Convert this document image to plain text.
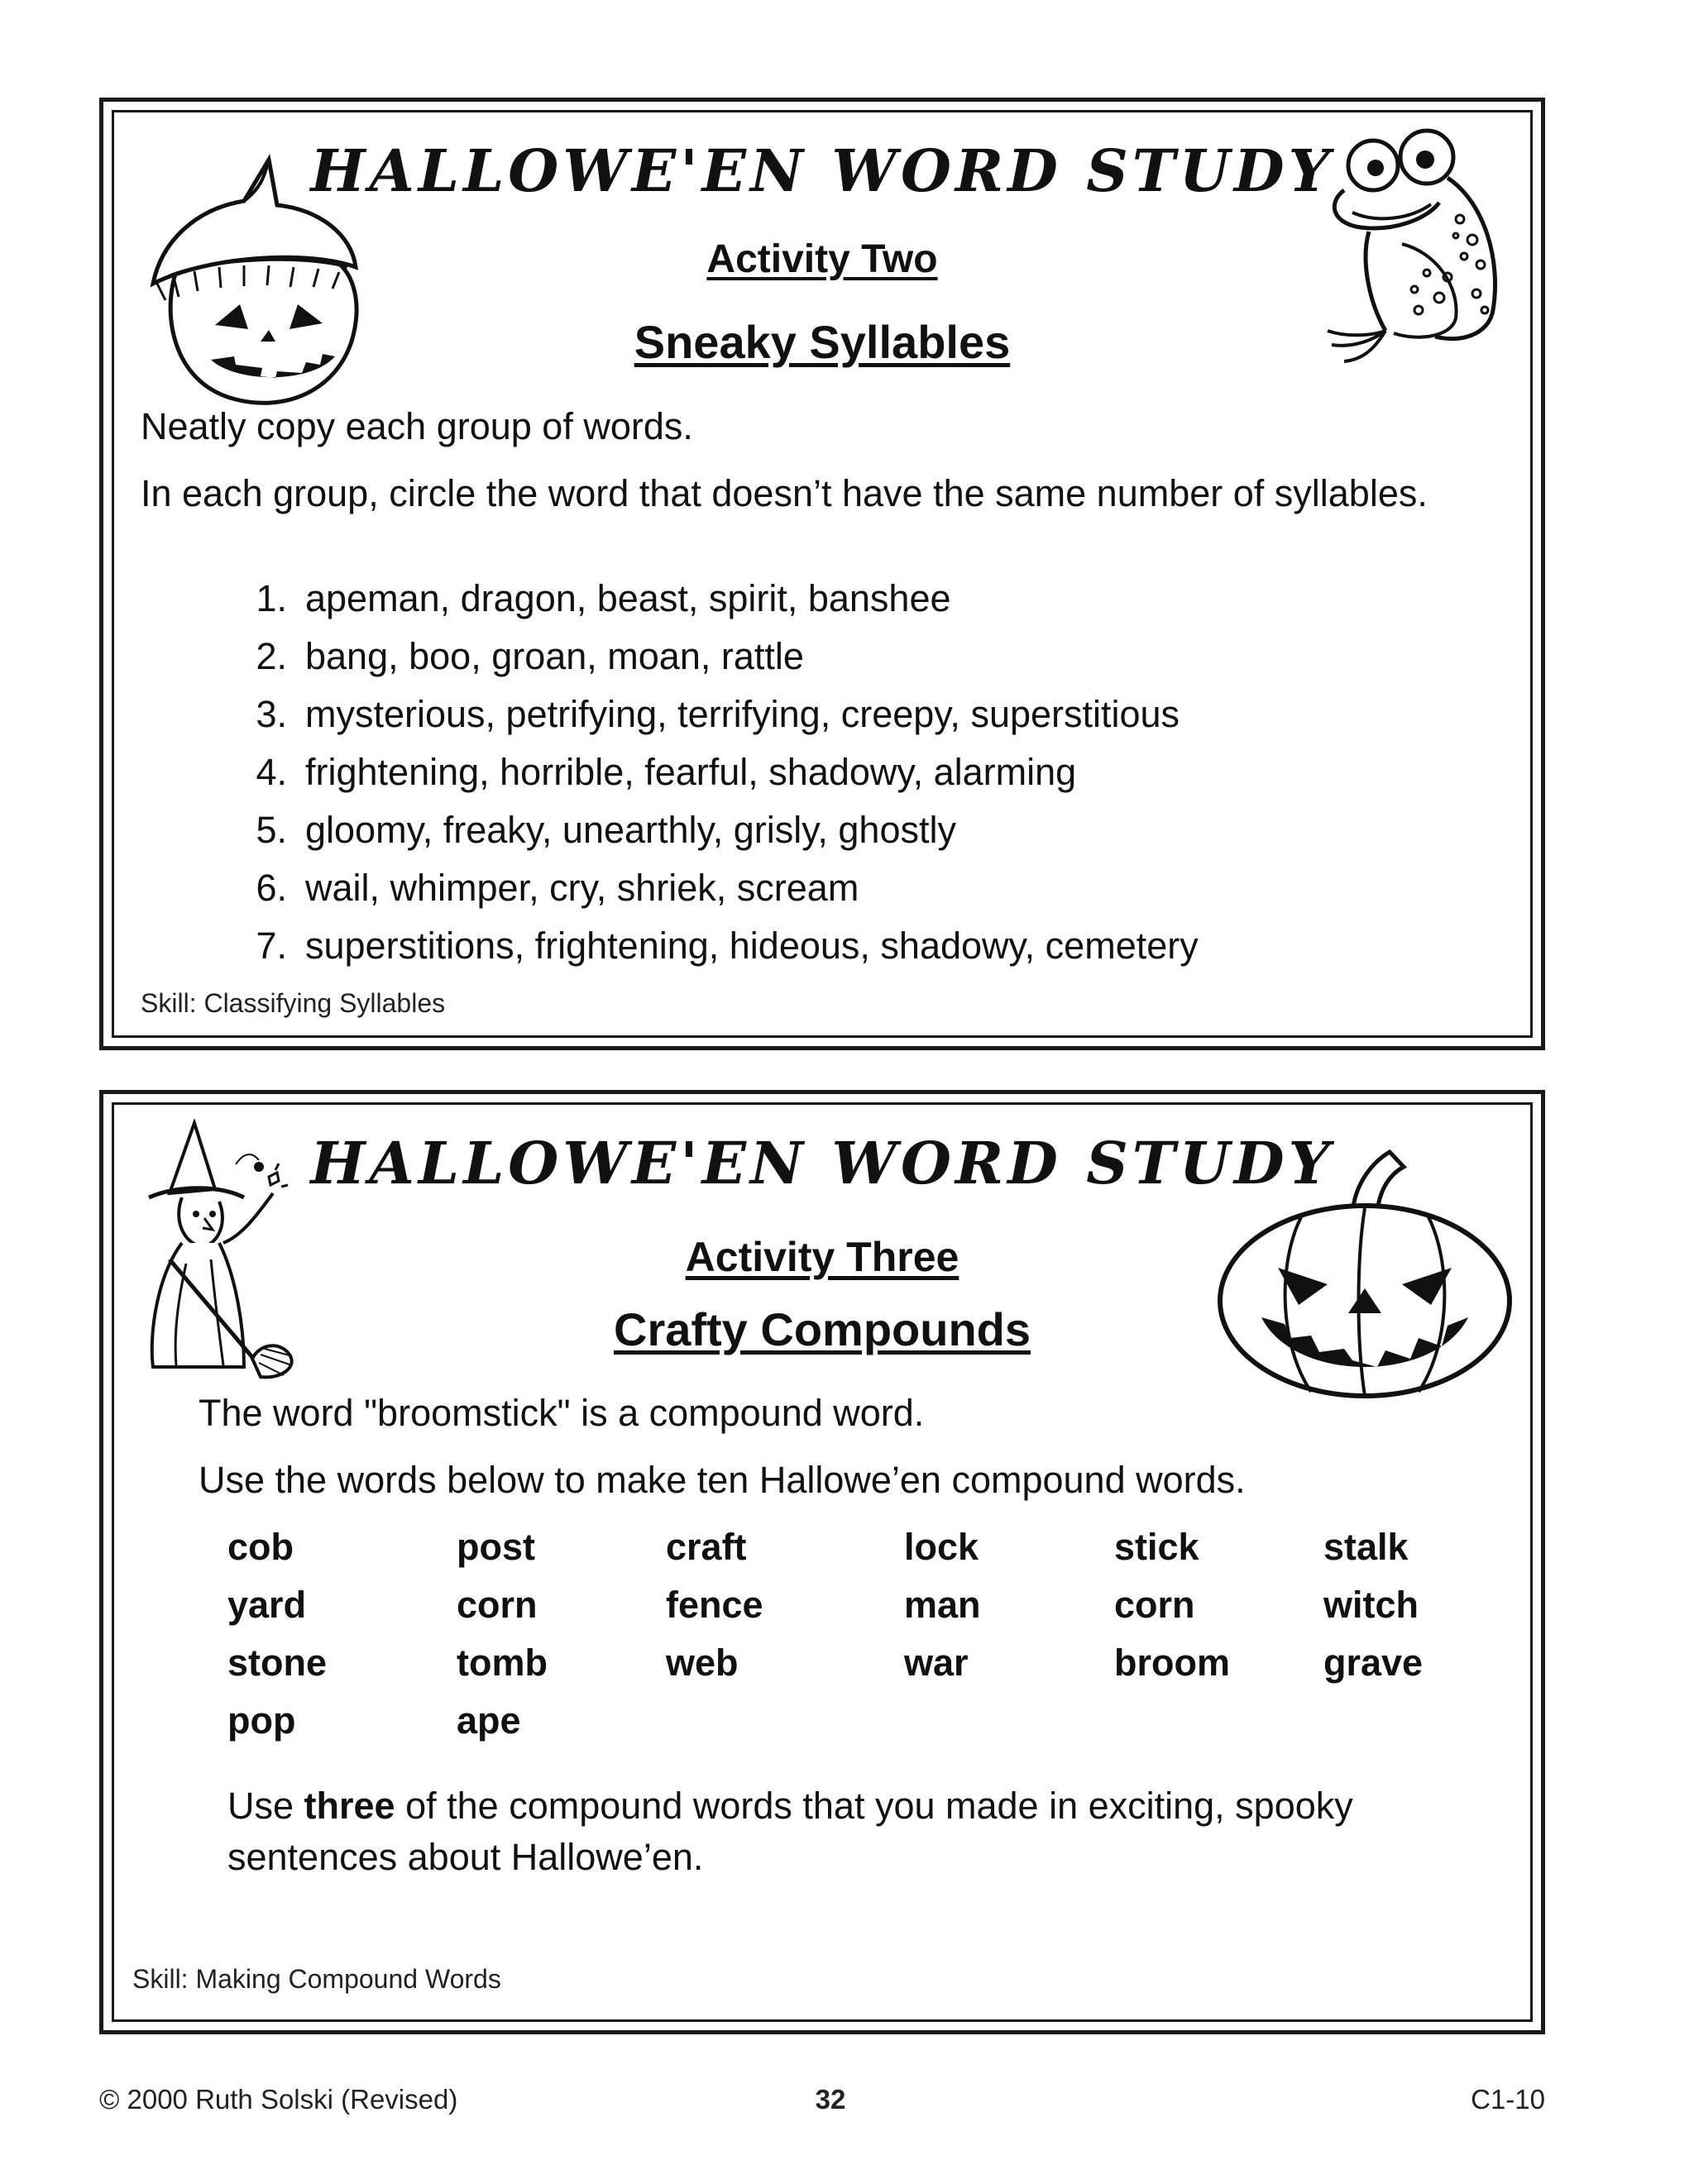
HALLOWE'EN WORD STUDY
Activity Two
Sneaky Syllables
Neatly copy each group of words.
In each group, circle the word that doesn’t have the same number of syllables.
1. apeman, dragon, beast, spirit, banshee
2. bang, boo, groan, moan, rattle
3. mysterious, petrifying, terrifying, creepy, superstitious
4. frightening, horrible, fearful, shadowy, alarming
5. gloomy, freaky, unearthly, grisly, ghostly
6. wail, whimper, cry, shriek, scream
7. superstitions, frightening, hideous, shadowy, cemetery
Skill: Classifying Syllables
HALLOWE'EN WORD STUDY
Activity Three
Crafty Compounds
The word "broomstick" is a compound word.
Use the words below to make ten Hallowe’en compound words.
cob	post	craft	lock	stick	stalk
yard	corn	fence	man	corn	witch
stone	tomb	web	war	broom	grave
pop	ape
Use three of the compound words that you made in exciting, spooky sentences about Hallowe’en.
Skill: Making Compound Words
© 2000 Ruth Solski (Revised)	32	C1-10
